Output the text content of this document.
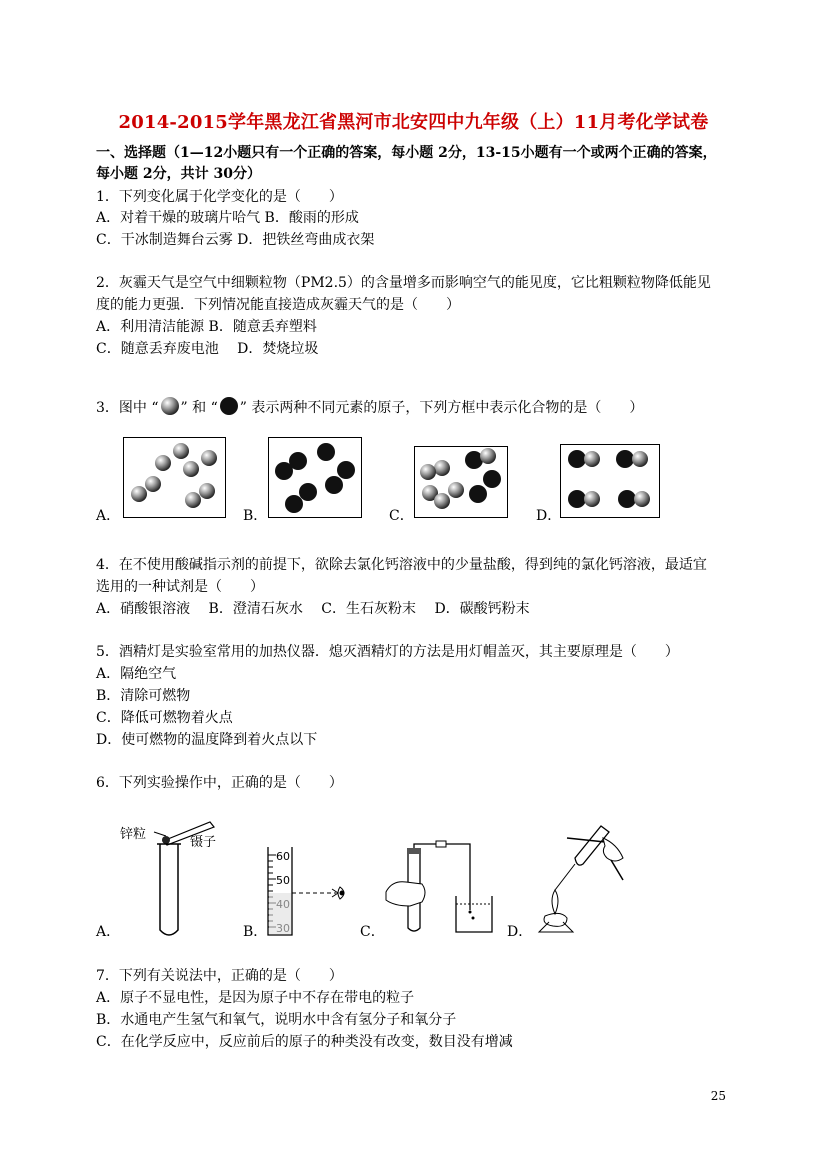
2014-2015学年黑龙江省黑河市北安四中九年级（上）11月考化学试卷
一、选择题（1—12小题只有一个正确的答案，每小题 2分，13-15小题有一个或两个正确的答案，
每小题 2分，共计 30分）
1．下列变化属于化学变化的是（　　）
A．对着干燥的玻璃片哈气 B．酸雨的形成
C．干冰制造舞台云雾 D．把铁丝弯曲成衣架
2．灰霾天气是空气中细颗粒物（PM2.5）的含量增多而影响空气的能见度，它比粗颗粒物降低能见
度的能力更强．下列情况能直接造成灰霾天气的是（　　）
A．利用清洁能源 B．随意丢弃塑料
C．随意丢弃废电池　 D．焚烧垃圾
3．图中 “ ” 和 “ ” 表示两种不同元素的原子，下列方框中表示化合物的是（　　）
A．	B．	C．	D．
4．在不使用酸碱指示剂的前提下，欲除去氯化钙溶液中的少量盐酸，得到纯的氯化钙溶液，最适宜
选用的一种试剂是（　　）
A．硝酸银溶液　 B．澄清石灰水　 C．生石灰粉末　 D．碳酸钙粉末
5．酒精灯是实验室常用的加热仪器．熄灭酒精灯的方法是用灯帽盖灭，其主要原理是（　　）
A．隔绝空气
B．清除可燃物
C．降低可燃物着火点
D．使可燃物的温度降到着火点以下
6．下列实验操作中，正确的是（　　）
A．
锌粒
镊子
B．
60
50
C．	D．
7．下列有关说法中，正确的是（　　）
A．原子不显电性，是因为原子中不存在带电的粒子
B．水通电产生氢气和氧气，说明水中含有氢分子和氧分子
C．在化学反应中，反应前后的原子的种类没有改变，数目没有增减
25
